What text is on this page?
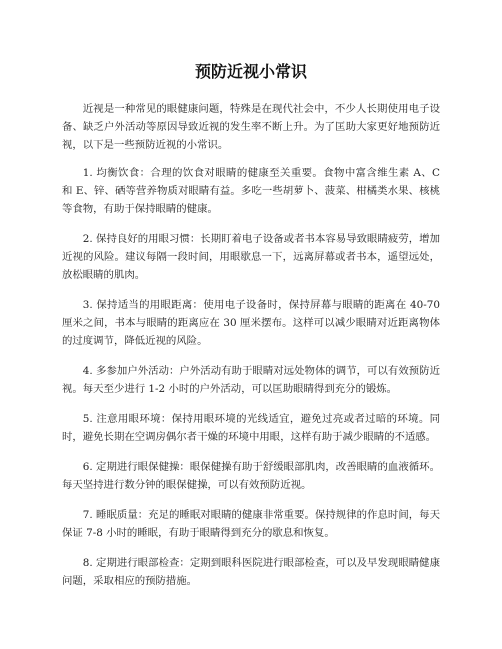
预防近视小常识

近视是一种常见的眼健康问题，特殊是在现代社会中，不少人长期使用电子设备、缺乏户外活动等原因导致近视的发生率不断上升。为了匡助大家更好地预防近视，以下是一些预防近视的小常识。

1. 均衡饮食：合理的饮食对眼睛的健康至关重要。食物中富含维生素 A、C 和 E、锌、硒等营养物质对眼睛有益。多吃一些胡萝卜、菠菜、柑橘类水果、核桃等食物，有助于保持眼睛的健康。

2. 保持良好的用眼习惯：长期盯着电子设备或者书本容易导致眼睛疲劳，增加近视的风险。建议每隔一段时间，用眼歇息一下，远离屏幕或者书本，遥望远处，放松眼睛的肌肉。

3. 保持适当的用眼距离：使用电子设备时，保持屏幕与眼睛的距离在 40-70 厘米之间，书本与眼睛的距离应在 30 厘米摆布。这样可以减少眼睛对近距离物体的过度调节，降低近视的风险。

4. 多参加户外活动：户外活动有助于眼睛对远处物体的调节，可以有效预防近视。每天至少进行 1-2 小时的户外活动，可以匡助眼睛得到充分的锻炼。

5. 注意用眼环境：保持用眼环境的光线适宜，避免过亮或者过暗的环境。同时，避免长期在空调房偶尔者干燥的环境中用眼，这样有助于减少眼睛的不适感。

6. 定期进行眼保健操：眼保健操有助于舒缓眼部肌肉，改善眼睛的血液循环。每天坚持进行数分钟的眼保健操，可以有效预防近视。

7. 睡眠质量：充足的睡眠对眼睛的健康非常重要。保持规律的作息时间，每天保证 7-8 小时的睡眠，有助于眼睛得到充分的歇息和恢复。

8. 定期进行眼部检查：定期到眼科医院进行眼部检查，可以及早发现眼睛健康问题，采取相应的预防措施。
